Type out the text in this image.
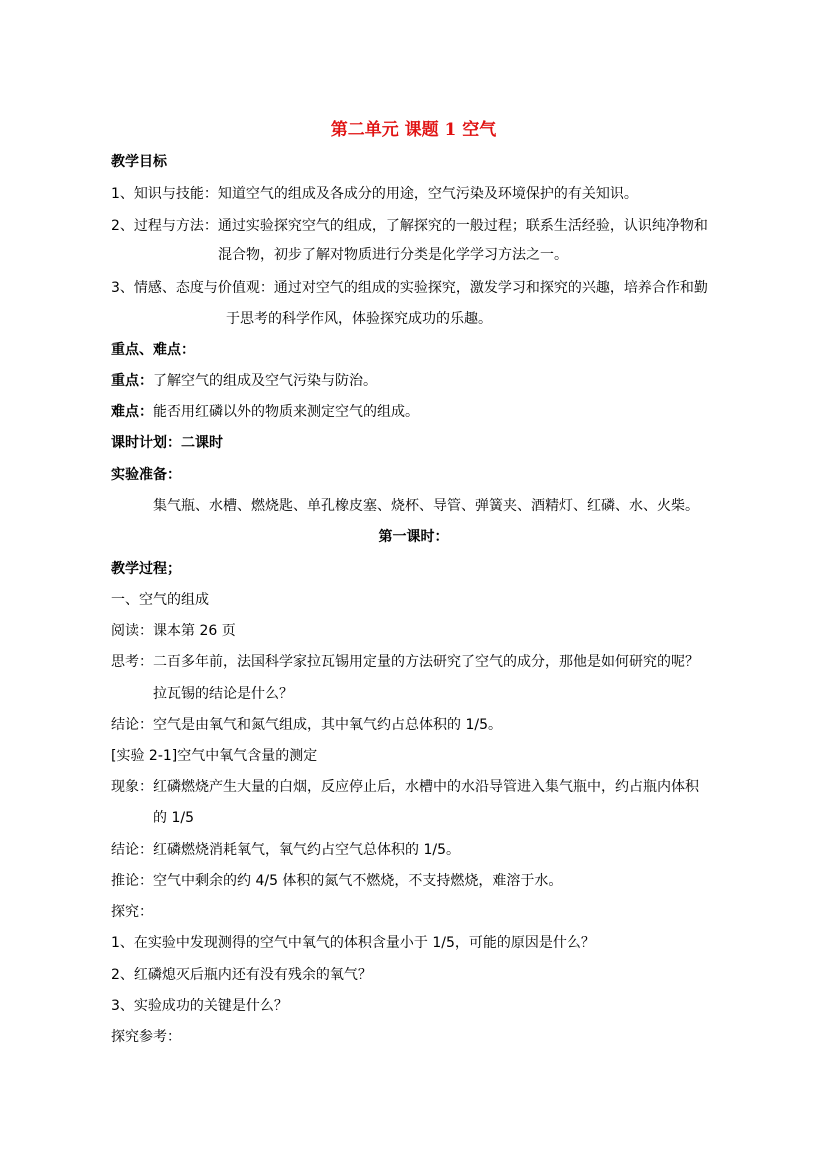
第二单元 课题 1 空气
教学目标
1、知识与技能：知道空气的组成及各成分的用途，空气污染及环境保护的有关知识。
2、过程与方法：通过实验探究空气的组成，了解探究的一般过程；联系生活经验，认识纯净物和
混合物，初步了解对物质进行分类是化学学习方法之一。
3、情感、态度与价值观：通过对空气的组成的实验探究，激发学习和探究的兴趣，培养合作和勤
于思考的科学作风，体验探究成功的乐趣。
重点、难点：
重点：了解空气的组成及空气污染与防治。
难点：能否用红磷以外的物质来测定空气的组成。
课时计划：二课时
实验准备：
集气瓶、水槽、燃烧匙、单孔橡皮塞、烧杯、导管、弹簧夹、酒精灯、红磷、水、火柴。
第一课时：
教学过程；
一、空气的组成
阅读：课本第 26 页
思考：二百多年前，法国科学家拉瓦锡用定量的方法研究了空气的成分，那他是如何研究的呢？
拉瓦锡的结论是什么？
结论：空气是由氧气和氮气组成，其中氧气约占总体积的 1/5。
[实验 2-1]空气中氧气含量的测定
现象：红磷燃烧产生大量的白烟，反应停止后，水槽中的水沿导管进入集气瓶中，约占瓶内体积
的 1/5
结论：红磷燃烧消耗氧气，氧气约占空气总体积的 1/5。
推论：空气中剩余的约 4/5 体积的氮气不燃烧，不支持燃烧，难溶于水。
探究：
1、在实验中发现测得的空气中氧气的体积含量小于 1/5，可能的原因是什么？
2、红磷熄灭后瓶内还有没有残余的氧气？
3、实验成功的关键是什么？
探究参考：
